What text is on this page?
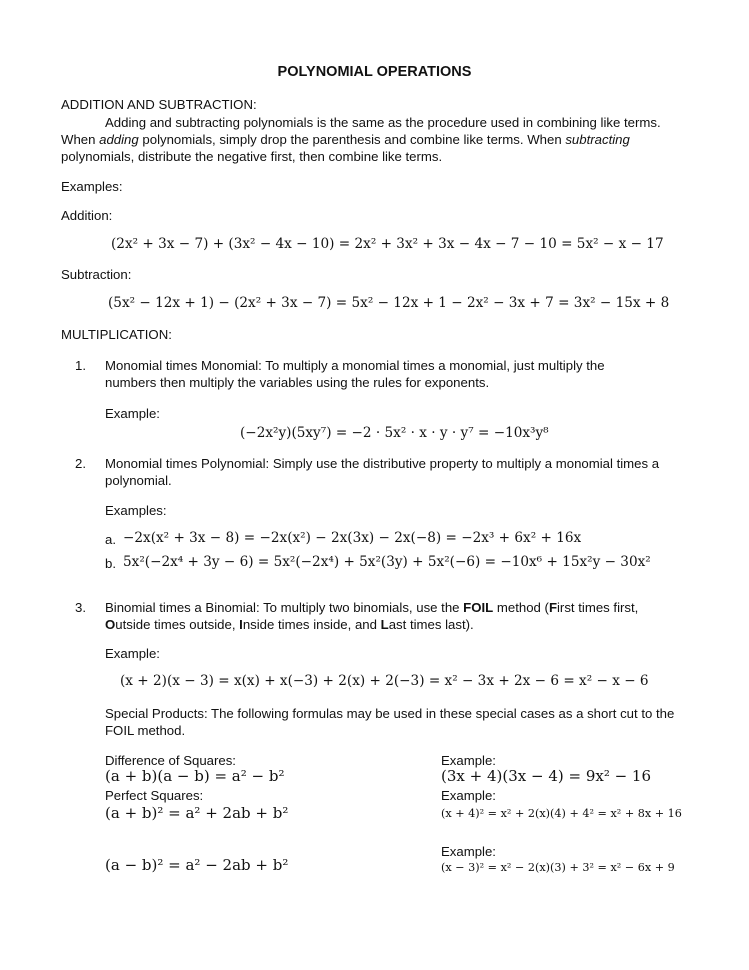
POLYNOMIAL OPERATIONS
ADDITION AND SUBTRACTION:
Adding and subtracting polynomials is the same as the procedure used in combining like terms.
When adding polynomials, simply drop the parenthesis and combine like terms. When subtracting
polynomials, distribute the negative first, then combine like terms.
Examples:
Addition:
(2x² + 3x − 7) + (3x² − 4x − 10) = 2x² + 3x² + 3x − 4x − 7 − 10 = 5x² − x − 17
Subtraction:
(5x² − 12x + 1) − (2x² + 3x − 7) = 5x² − 12x + 1 − 2x² − 3x + 7 = 3x² − 15x + 8
MULTIPLICATION:
1. Monomial times Monomial: To multiply a monomial times a monomial, just multiply the
numbers then multiply the variables using the rules for exponents.
Example:
(−2x²y)(5xy⁷) = −2 · 5x² · x · y · y⁷ = −10x³y⁸
2. Monomial times Polynomial: Simply use the distributive property to multiply a monomial times a
polynomial.
Examples:
a. −2x(x² + 3x − 8) = −2x(x²) − 2x(3x) − 2x(−8) = −2x³ + 6x² + 16x
b. 5x²(−2x⁴ + 3y − 6) = 5x²(−2x⁴) + 5x²(3y) + 5x²(−6) = −10x⁶ + 15x²y − 30x²
3. Binomial times a Binomial: To multiply two binomials, use the FOIL method (First times first,
Outside times outside, Inside times inside, and Last times last).
Example:
(x + 2)(x − 3) = x(x) + x(−3) + 2(x) + 2(−3) = x² − 3x + 2x − 6 = x² − x − 6
Special Products: The following formulas may be used in these special cases as a short cut to the
FOIL method.
Difference of Squares:
(a + b)(a − b) = a² − b²
Perfect Squares:
(a + b)² = a² + 2ab + b²
(a − b)² = a² − 2ab + b²
Example:
(3x + 4)(3x − 4) = 9x² − 16
Example:
(x + 4)² = x² + 2(x)(4) + 4² = x² + 8x + 16
Example:
(x − 3)² = x² − 2(x)(3) + 3² = x² − 6x + 9
